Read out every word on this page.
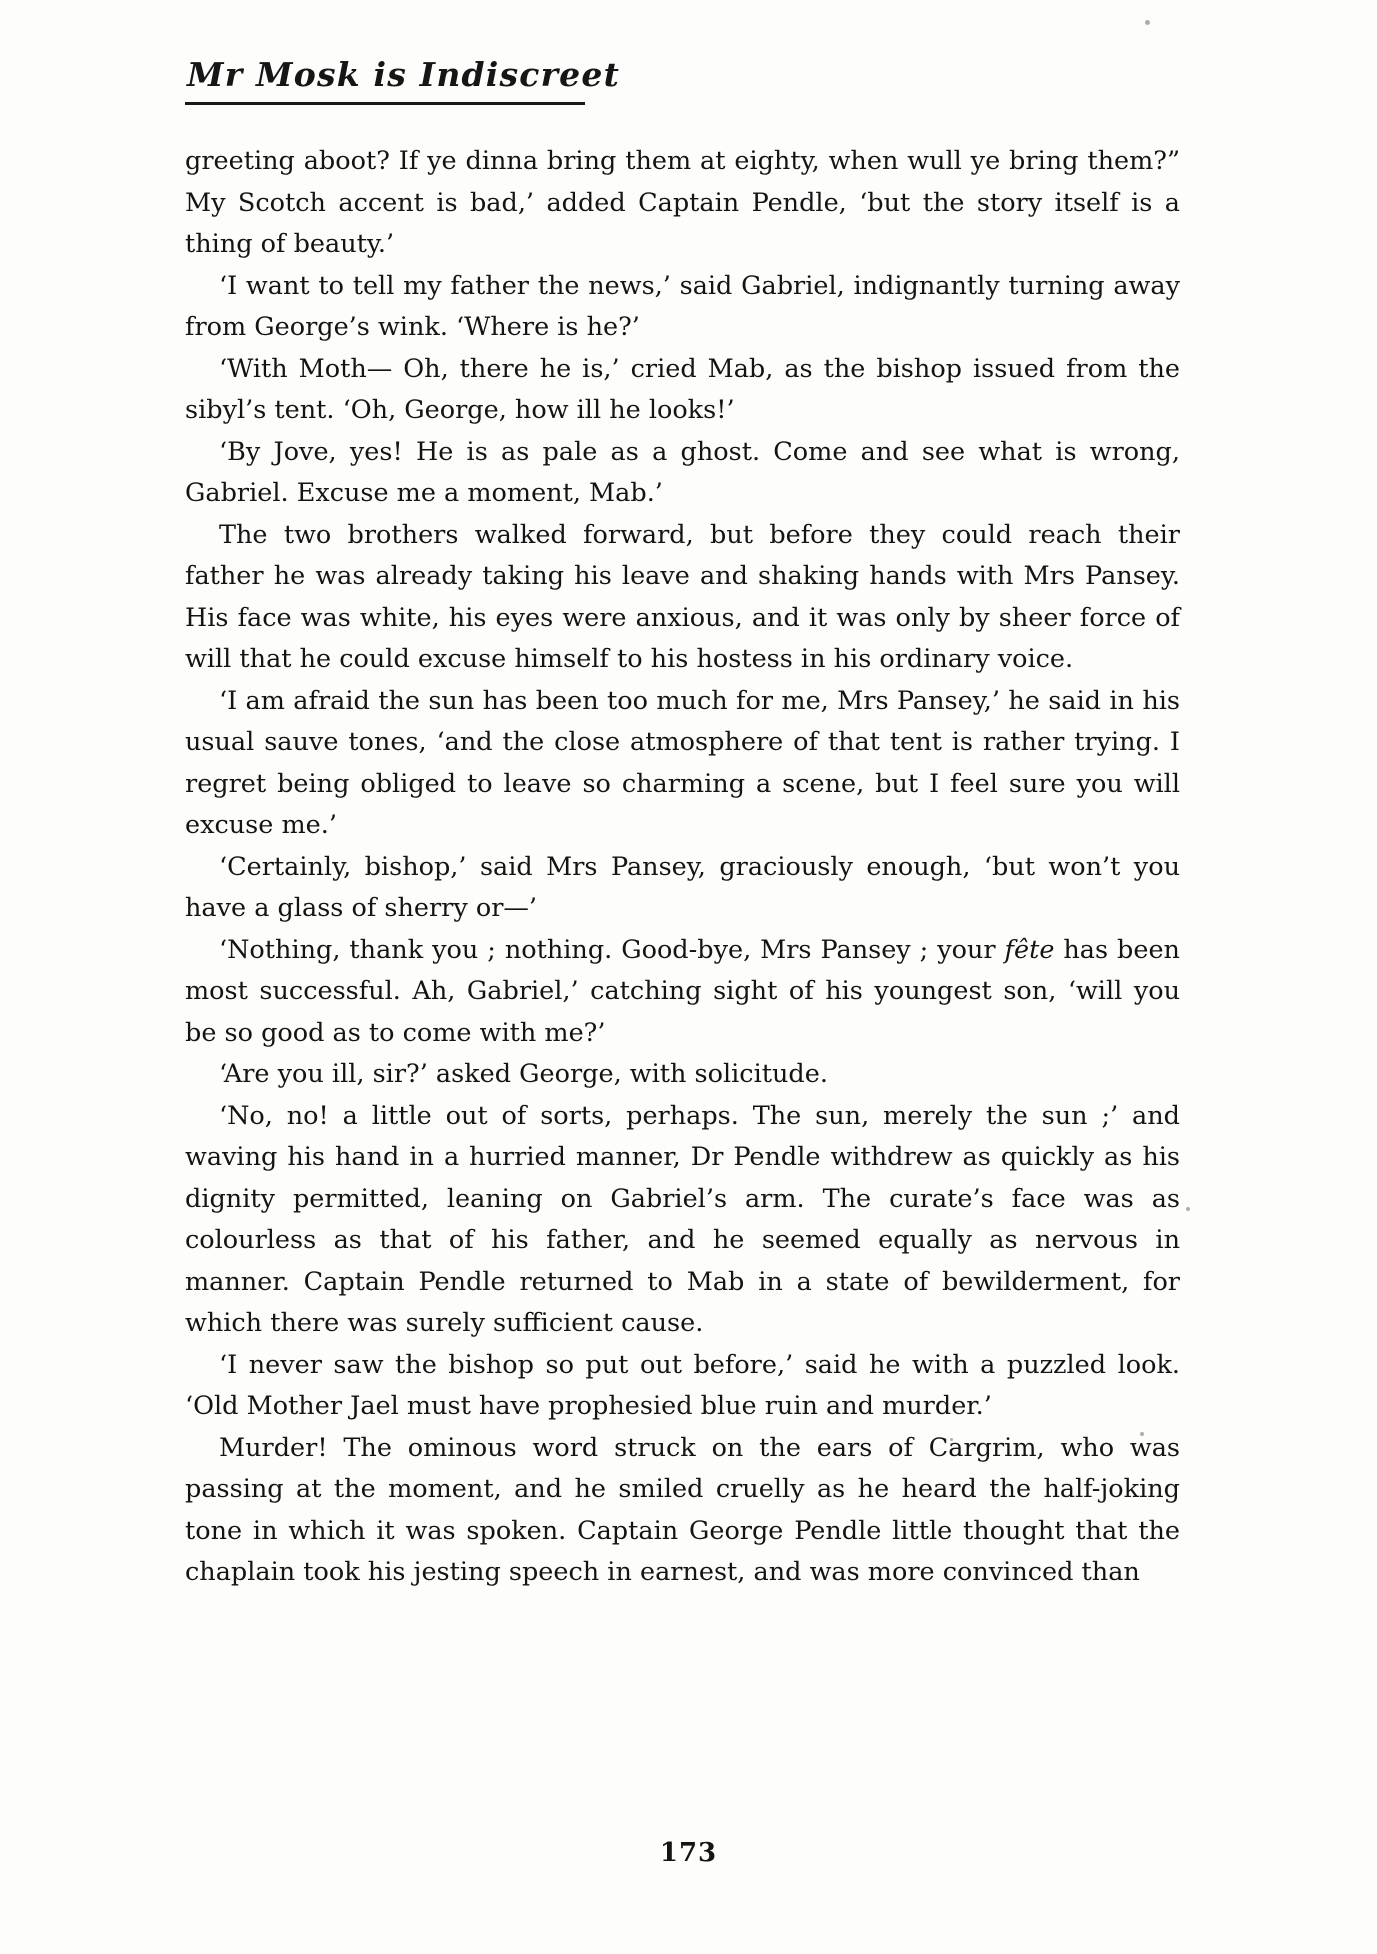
Mr Mosk is Indiscreet

greeting aboot? If ye dinna bring them at eighty, when wull ye bring them?” My Scotch accent is bad,’ added Captain Pendle, ‘but the story itself is a thing of beauty.’

‘I want to tell my father the news,’ said Gabriel, indignantly turning away from George’s wink. ‘Where is he?’

‘With Moth— Oh, there he is,’ cried Mab, as the bishop issued from the sibyl’s tent. ‘Oh, George, how ill he looks!’

‘By Jove, yes! He is as pale as a ghost. Come and see what is wrong, Gabriel. Excuse me a moment, Mab.’

The two brothers walked forward, but before they could reach their father he was already taking his leave and shaking hands with Mrs Pansey. His face was white, his eyes were anxious, and it was only by sheer force of will that he could excuse himself to his hostess in his ordinary voice.

‘I am afraid the sun has been too much for me, Mrs Pansey,’ he said in his usual sauve tones, ‘and the close atmosphere of that tent is rather trying. I regret being obliged to leave so charming a scene, but I feel sure you will excuse me.’

‘Certainly, bishop,’ said Mrs Pansey, graciously enough, ‘but won’t you have a glass of sherry or—’

‘Nothing, thank you ; nothing. Good-bye, Mrs Pansey ; your fête has been most successful. Ah, Gabriel,’ catching sight of his youngest son, ‘will you be so good as to come with me?’

‘Are you ill, sir?’ asked George, with solicitude.

‘No, no! a little out of sorts, perhaps. The sun, merely the sun ;’ and waving his hand in a hurried manner, Dr Pendle withdrew as quickly as his dignity permitted, leaning on Gabriel’s arm. The curate’s face was as colourless as that of his father, and he seemed equally as nervous in manner. Captain Pendle returned to Mab in a state of bewilderment, for which there was surely sufficient cause.

‘I never saw the bishop so put out before,’ said he with a puzzled look. ‘Old Mother Jael must have prophesied blue ruin and murder.’

Murder! The ominous word struck on the ears of Cargrim, who was passing at the moment, and he smiled cruelly as he heard the half-joking tone in which it was spoken. Captain George Pendle little thought that the chaplain took his jesting speech in earnest, and was more convinced than

173
